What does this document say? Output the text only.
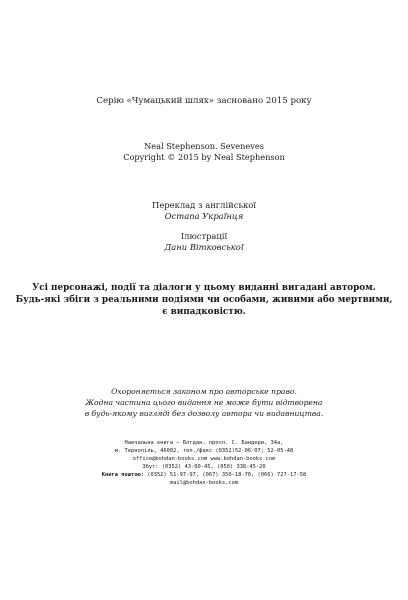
Серію «Чумацький шлях» засновано 2015 року
Neal Stephenson. Seveneves
Copyright © 2015 by Neal Stephenson
Переклад з англійської
Остапа Українця
Ілюстрації
Дани Вітковської
Усі персонажі, події та діалоги у цьому виданні вигадані автором.
Будь-які збіги з реальними подіями чи особами, живими або мертвими,
є випадковістю.
Охороняється законом про авторське право.
Жодна частина цього видання не може бути відтворена
в будь-якому вигляді без дозволу автора чи видавництва.
Навчальна книга — Богдан, просп. С. Бандери, 34а,
м. Тернопіль, 46002, тел./факс (0352)52-06-07; 52-05-48
office@bohdan-books.com www.bohdan-books.com
Збут: (0352) 43-00-45, (050) 338-45-20
Книга поштою: (0352) 51-97-97, (067) 350-18-70, (066) 727-17-58
mail@bohdan-books.com
